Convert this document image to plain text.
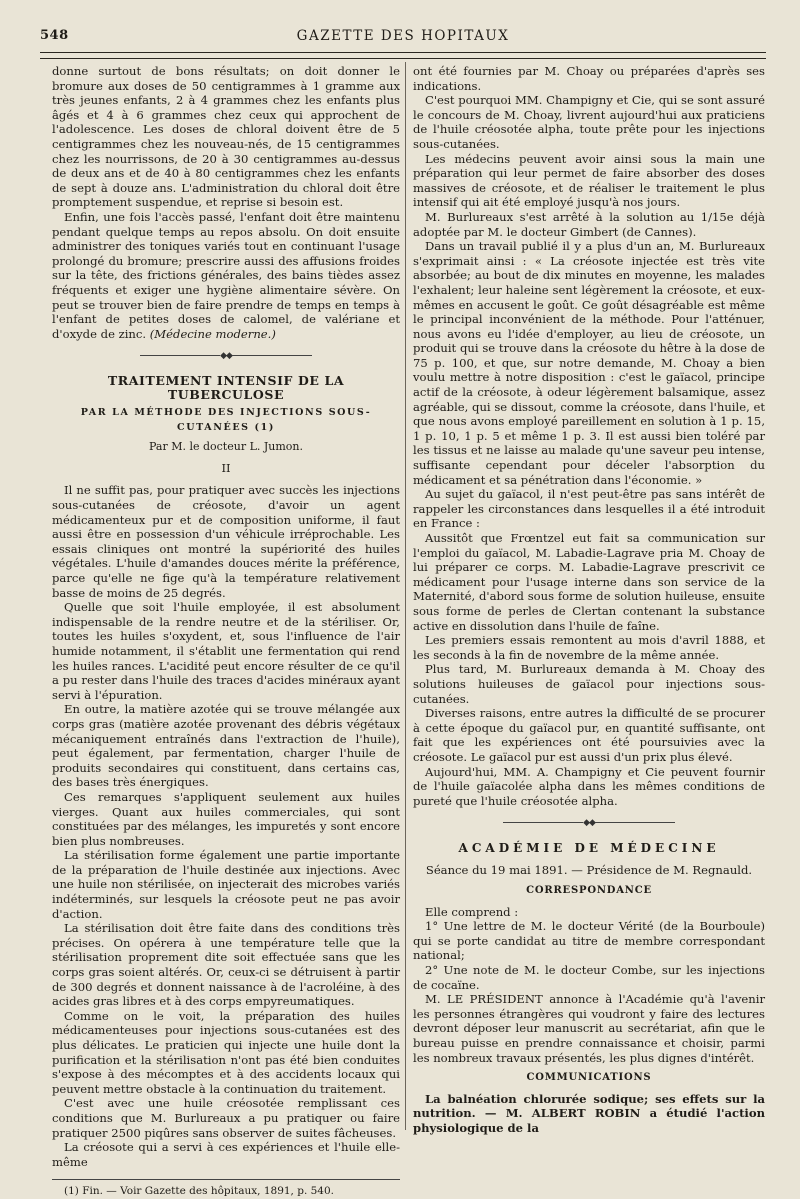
548	GAZETTE DES HOPITAUX

donne surtout de bons résultats; on doit donner le bromure aux doses de 50 centigrammes à 1 gramme aux très jeunes enfants, 2 à 4 grammes chez les enfants plus âgés et 4 à 6 grammes chez ceux qui approchent de l'adolescence. Les doses de chloral doivent être de 5 centigrammes chez les nouveau-nés, de 15 centigrammes chez les nourrissons, de 20 à 30 centigrammes au-dessus de deux ans et de 40 à 80 centigrammes chez les enfants de sept à douze ans. L'administration du chloral doit être promptement suspendue, et reprise si besoin est.

Enfin, une fois l'accès passé, l'enfant doit être maintenu pendant quelque temps au repos absolu. On doit ensuite administrer des toniques variés tout en continuant l'usage prolongé du bromure; prescrire aussi des affusions froides sur la tête, des frictions générales, des bains tièdes assez fréquents et exiger une hygiène alimentaire sévère. On peut se trouver bien de faire prendre de temps en temps à l'enfant de petites doses de calomel, de valériane et d'oxyde de zinc. (Médecine moderne.)

◆◆
TRAITEMENT INTENSIF DE LA TUBERCULOSE
PAR LA MÉTHODE DES INJECTIONS SOUS-CUTANÉES (1)
Par M. le docteur L. Jumon.
II

Il ne suffit pas, pour pratiquer avec succès les injections sous-cutanées de créosote, d'avoir un agent médicamenteux pur et de composition uniforme, il faut aussi être en possession d'un véhicule irréprochable. Les essais cliniques ont montré la supériorité des huiles végétales. L'huile d'amandes douces mérite la préférence, parce qu'elle ne fige qu'à la température relativement basse de moins de 25 degrés.

Quelle que soit l'huile employée, il est absolument indispensable de la rendre neutre et de la stériliser. Or, toutes les huiles s'oxydent, et, sous l'influence de l'air humide notamment, il s'établit une fermentation qui rend les huiles rances. L'acidité peut encore résulter de ce qu'il a pu rester dans l'huile des traces d'acides minéraux ayant servi à l'épuration.

En outre, la matière azotée qui se trouve mélangée aux corps gras (matière azotée provenant des débris végétaux mécaniquement entraînés dans l'extraction de l'huile), peut également, par fermentation, charger l'huile de produits secondaires qui constituent, dans certains cas, des bases très énergiques.

Ces remarques s'appliquent seulement aux huiles vierges. Quant aux huiles commerciales, qui sont constituées par des mélanges, les impuretés y sont encore bien plus nombreuses.

La stérilisation forme également une partie importante de la préparation de l'huile destinée aux injections. Avec une huile non stérilisée, on injecterait des microbes variés indéterminés, sur lesquels la créosote peut ne pas avoir d'action.

La stérilisation doit être faite dans des conditions très précises. On opérera à une température telle que la stérilisation proprement dite soit effectuée sans que les corps gras soient altérés. Or, ceux-ci se détruisent à partir de 300 degrés et donnent naissance à de l'acroléine, à des acides gras libres et à des corps empyreumatiques.

Comme on le voit, la préparation des huiles médicamenteuses pour injections sous-cutanées est des plus délicates. Le praticien qui injecte une huile dont la purification et la stérilisation n'ont pas été bien conduites s'expose à des mécomptes et à des accidents locaux qui peuvent mettre obstacle à la continuation du traitement.

C'est avec une huile créosotée remplissant ces conditions que M. Burlureaux a pu pratiquer ou faire pratiquer 2500 piqûres sans observer de suites fâcheuses.

La créosote qui a servi à ces expériences et l'huile elle-même

(1) Fin. — Voir Gazette des hôpitaux, 1891, p. 540.

ont été fournies par M. Choay ou préparées d'après ses indications.

C'est pourquoi MM. Champigny et Cie, qui se sont assuré le concours de M. Choay, livrent aujourd'hui aux praticiens de l'huile créosotée alpha, toute prête pour les injections sous-cutanées.

Les médecins peuvent avoir ainsi sous la main une préparation qui leur permet de faire absorber des doses massives de créosote, et de réaliser le traitement le plus intensif qui ait été employé jusqu'à nos jours.

M. Burlureaux s'est arrêté à la solution au 1/15e déjà adoptée par M. le docteur Gimbert (de Cannes).

Dans un travail publié il y a plus d'un an, M. Burlureaux s'exprimait ainsi : « La créosote injectée est très vite absorbée; au bout de dix minutes en moyenne, les malades l'exhalent; leur haleine sent légèrement la créosote, et eux-mêmes en accusent le goût. Ce goût désagréable est même le principal inconvénient de la méthode. Pour l'atténuer, nous avons eu l'idée d'employer, au lieu de créosote, un produit qui se trouve dans la créosote du hêtre à la dose de 75 p. 100, et que, sur notre demande, M. Choay a bien voulu mettre à notre disposition : c'est le gaïacol, principe actif de la créosote, à odeur légèrement balsamique, assez agréable, qui se dissout, comme la créosote, dans l'huile, et que nous avons employé pareillement en solution à 1 p. 15, 1 p. 10, 1 p. 5 et même 1 p. 3. Il est aussi bien toléré par les tissus et ne laisse au malade qu'une saveur peu intense, suffisante cependant pour déceler l'absorption du médicament et sa pénétration dans l'économie. »

Au sujet du gaïacol, il n'est peut-être pas sans intérêt de rappeler les circonstances dans lesquelles il a été introduit en France :

Aussitôt que Frœntzel eut fait sa communication sur l'emploi du gaïacol, M. Labadie-Lagrave pria M. Choay de lui préparer ce corps. M. Labadie-Lagrave prescrivit ce médicament pour l'usage interne dans son service de la Maternité, d'abord sous forme de solution huileuse, ensuite sous forme de perles de Clertan contenant la substance active en dissolution dans l'huile de faîne.

Les premiers essais remontent au mois d'avril 1888, et les seconds à la fin de novembre de la même année.

Plus tard, M. Burlureaux demanda à M. Choay des solutions huileuses de gaïacol pour injections sous-cutanées.

Diverses raisons, entre autres la difficulté de se procurer à cette époque du gaïacol pur, en quantité suffisante, ont fait que les expériences ont été poursuivies avec la créosote. Le gaïacol pur est aussi d'un prix plus élevé.

Aujourd'hui, MM. A. Champigny et Cie peuvent fournir de l'huile gaïacolée alpha dans les mêmes conditions de pureté que l'huile créosotée alpha.

◆◆
ACADÉMIE DE MÉDECINE
Séance du 19 mai 1891. — Présidence de M. Regnauld.
CORRESPONDANCE

Elle comprend :

1° Une lettre de M. le docteur Vérité (de la Bourboule) qui se porte candidat au titre de membre correspondant national;

2° Une note de M. le docteur Combe, sur les injections de cocaïne.

M. LE PRÉSIDENT annonce à l'Académie qu'à l'avenir les personnes étrangères qui voudront y faire des lectures devront déposer leur manuscrit au secrétariat, afin que le bureau puisse en prendre connaissance et choisir, parmi les nombreux travaux présentés, les plus dignes d'intérêt.

COMMUNICATIONS

La balnéation chlorurée sodique; ses effets sur la nutrition. — M. ALBERT ROBIN a étudié l'action physiologique de la
